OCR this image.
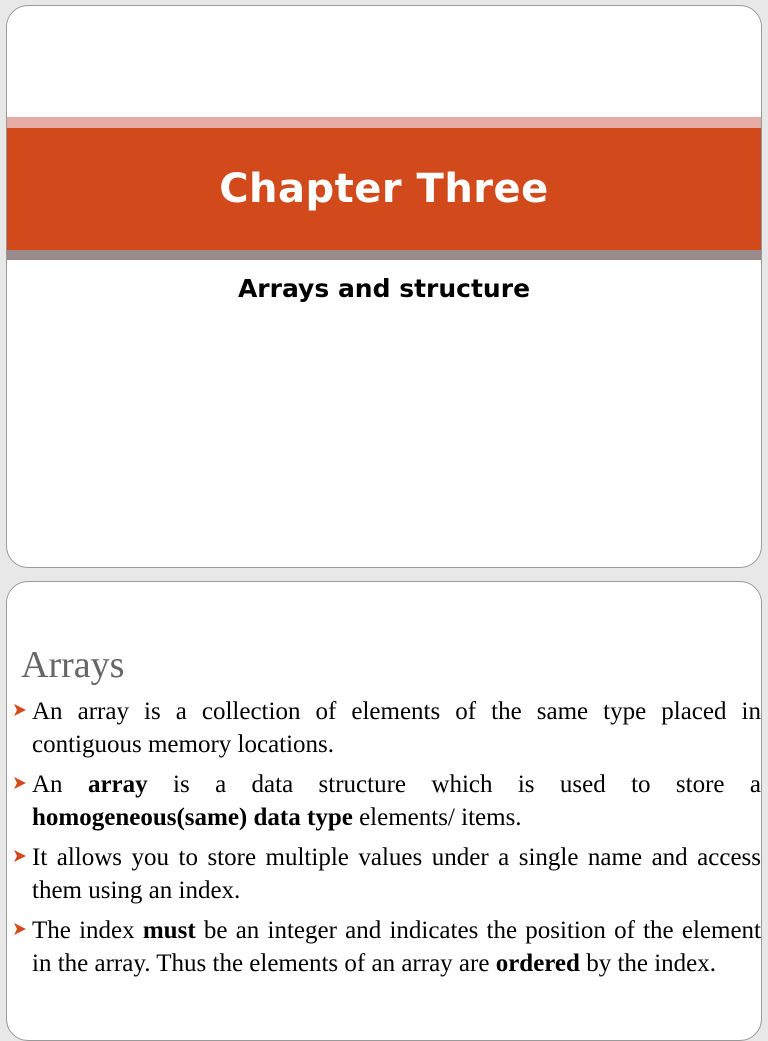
Chapter Three
Arrays and structure
Arrays
An array is a collection of elements of the same type placed in contiguous memory locations.
An array is a data structure which is used to store a homogeneous(same) data type elements/ items.
It allows you to store multiple values under a single name and access them using an index.
The index must be an integer and indicates the position of the element in the array. Thus the elements of an array are ordered by the index.
